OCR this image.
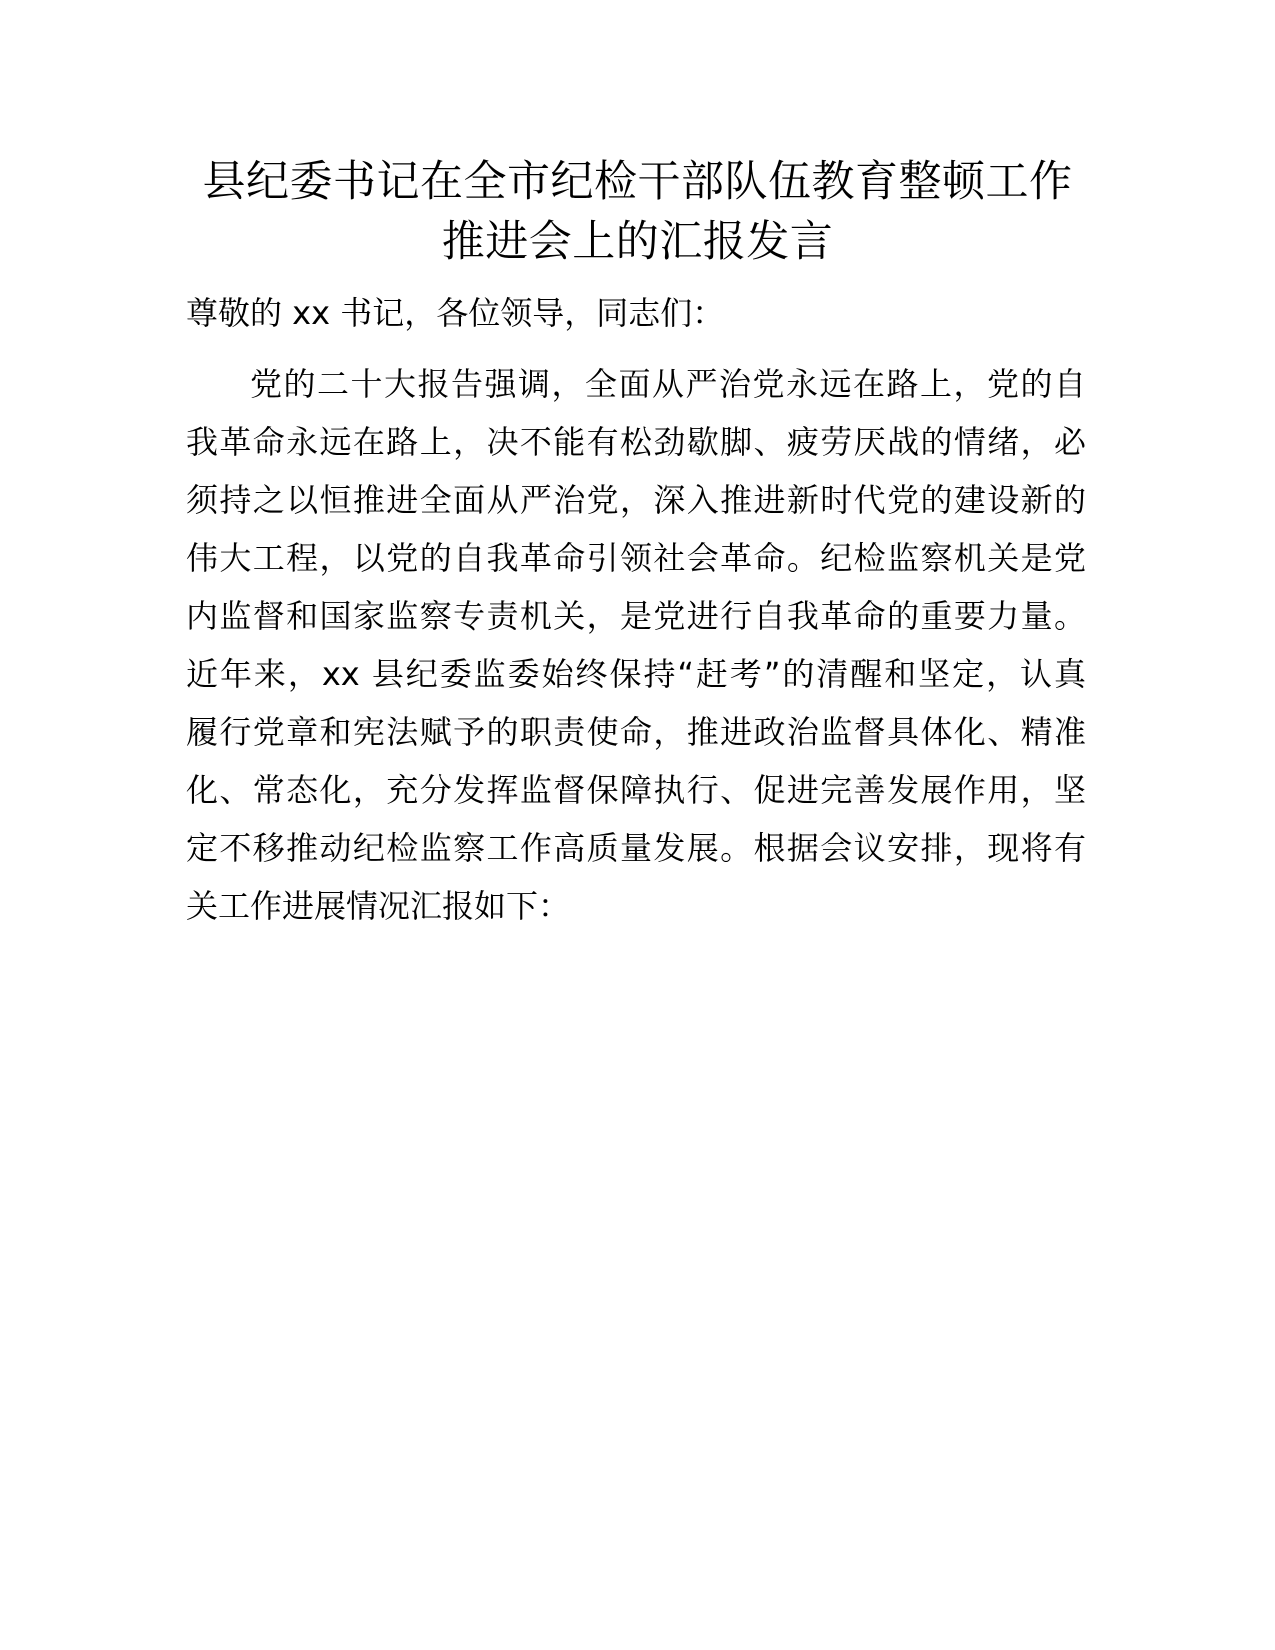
县纪委书记在全市纪检干部队伍教育整顿工作
推进会上的汇报发言

尊敬的 xx 书记，各位领导，同志们：

党的二十大报告强调，全面从严治党永远在路上，党的自
我革命永远在路上，决不能有松劲歇脚、疲劳厌战的情绪，必
须持之以恒推进全面从严治党，深入推进新时代党的建设新的
伟大工程，以党的自我革命引领社会革命。纪检监察机关是党
内监督和国家监察专责机关，是党进行自我革命的重要力量。
近年来，xx 县纪委监委始终保持“赶考”的清醒和坚定，认真
履行党章和宪法赋予的职责使命，推进政治监督具体化、精准
化、常态化，充分发挥监督保障执行、促进完善发展作用，坚
定不移推动纪检监察工作高质量发展。根据会议安排，现将有
关工作进展情况汇报如下：
